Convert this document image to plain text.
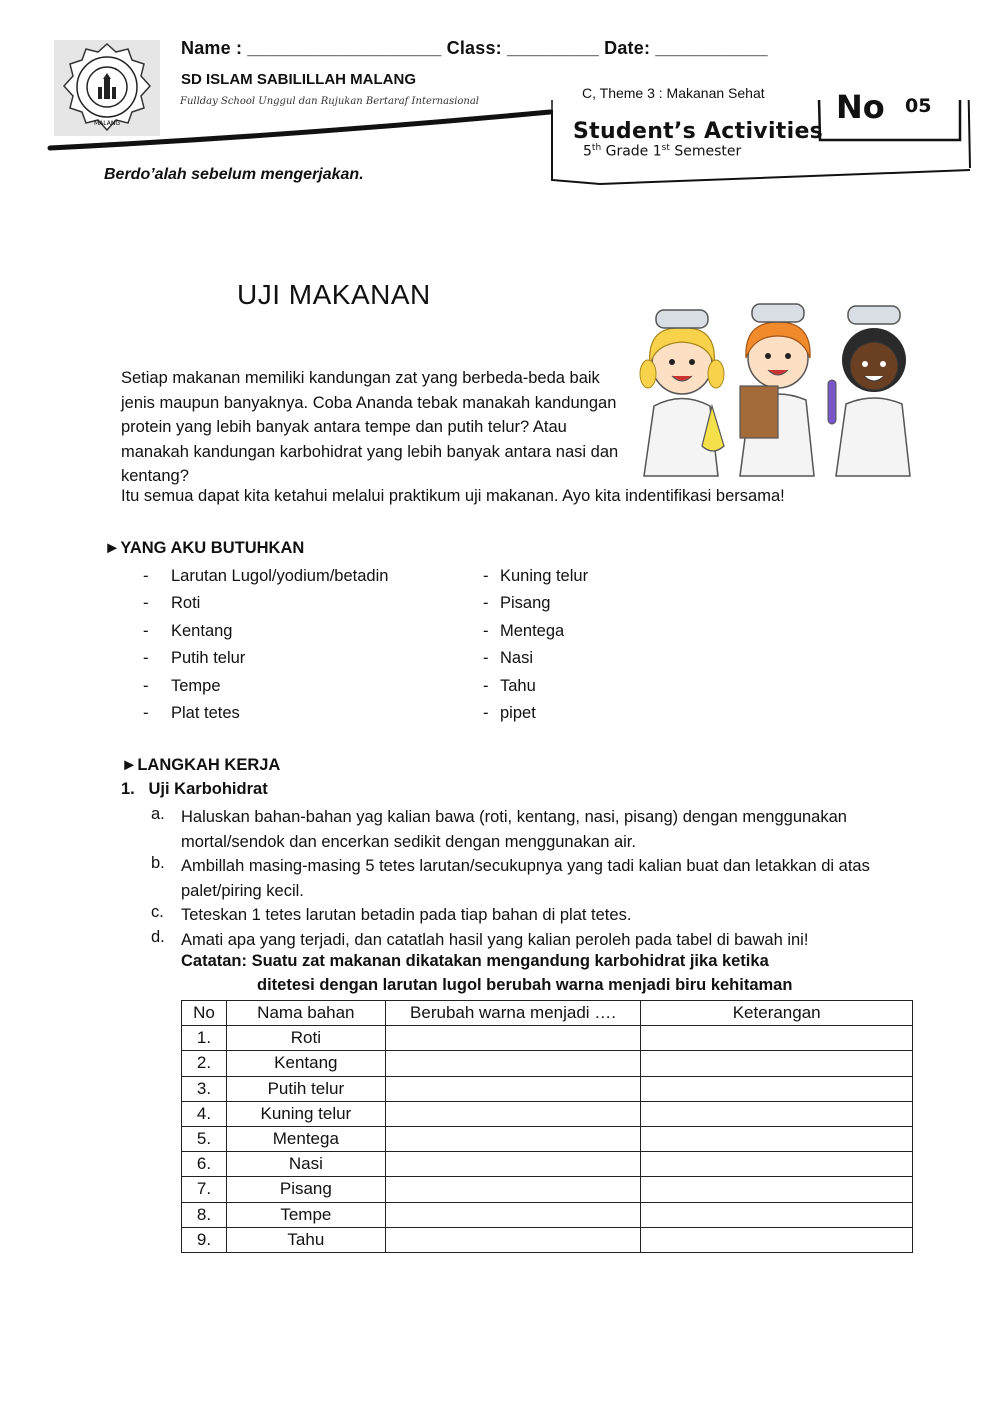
MALANG
Name : ___________________ Class: _________ Date: ___________
SD ISLAM SABILILLAH MALANG
Fullday School Unggul dan Rujukan Bertaraf Internasional
C, Theme 3 : Makanan Sehat
Student’s Activities
5th Grade 1st Semester
No 05
Berdo’alah sebelum mengerjakan.
UJI MAKANAN
Setiap makanan memiliki kandungan zat yang berbeda-beda baik jenis maupun banyaknya. Coba Ananda tebak manakah kandungan protein yang lebih banyak antara tempe dan putih telur? Atau manakah kandungan karbohidrat yang lebih banyak antara nasi dan kentang?
Itu semua dapat kita ketahui melalui praktikum uji makanan. Ayo kita indentifikasi bersama!
►YANG AKU BUTUHKAN
- Larutan Lugol/yodium/betadin
- Roti
- Kentang
- Putih telur
- Tempe
- Plat tetes
- Kuning telur
- Pisang
- Mentega
- Nasi
- Tahu
- pipet
►LANGKAH KERJA
1.   Uji Karbohidrat
a. Haluskan bahan-bahan yag kalian bawa (roti, kentang, nasi, pisang) dengan menggunakan mortal/sendok dan encerkan sedikit dengan menggunakan air.
b. Ambillah masing-masing 5 tetes larutan/secukupnya yang tadi kalian buat dan letakkan di atas palet/piring kecil.
c. Teteskan 1 tetes larutan betadin pada tiap bahan di plat tetes.
d. Amati apa yang terjadi, dan catatlah hasil yang kalian peroleh pada tabel di bawah ini!
Catatan: Suatu zat makanan dikatakan mengandung karbohidrat jika ketika
ditetesi dengan larutan lugol berubah warna menjadi biru kehitaman
No	Nama bahan	Berubah warna menjadi ….	Keterangan
1.	Roti		
2.	Kentang		
3.	Putih telur		
4.	Kuning telur		
5.	Mentega		
6.	Nasi		
7.	Pisang		
8.	Tempe		
9.	Tahu		
